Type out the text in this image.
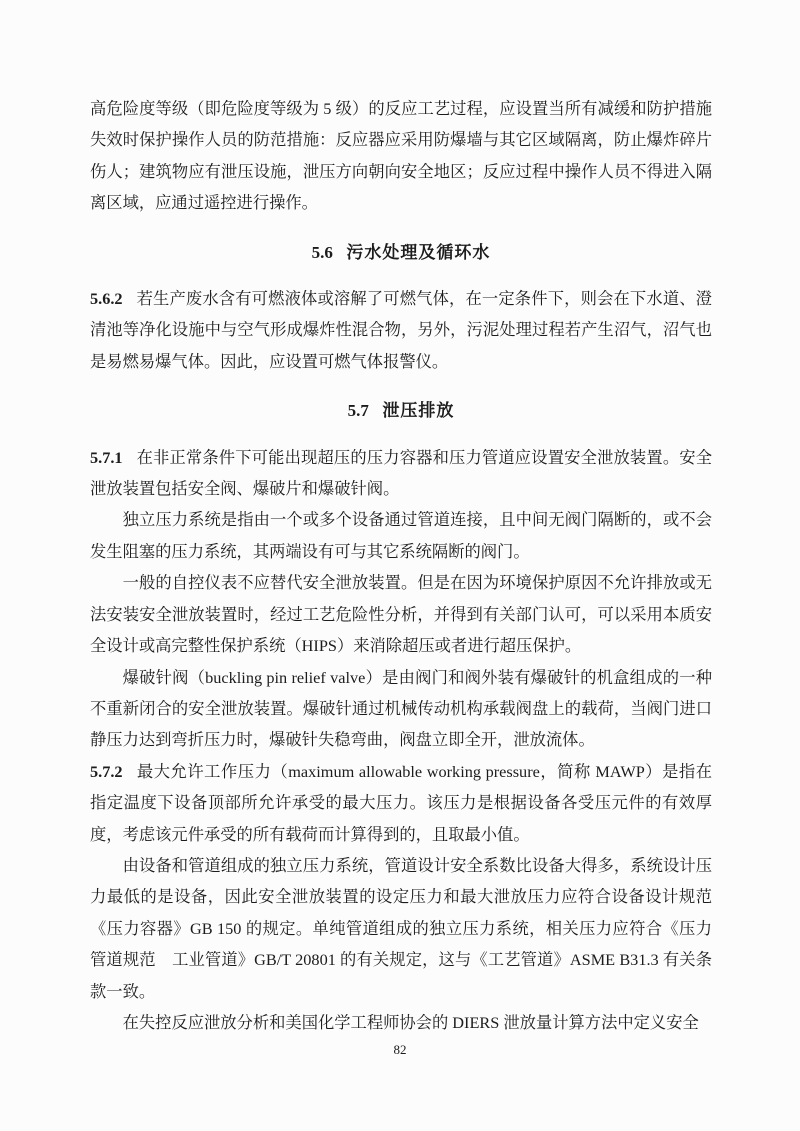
高危险度等级（即危险度等级为 5 级）的反应工艺过程，应设置当所有减缓和防护措施失效时保护操作人员的防范措施：反应器应采用防爆墙与其它区域隔离，防止爆炸碎片伤人；建筑物应有泄压设施，泄压方向朝向安全地区；反应过程中操作人员不得进入隔离区域，应通过遥控进行操作。

5.6 污水处理及循环水

5.6.2 若生产废水含有可燃液体或溶解了可燃气体，在一定条件下，则会在下水道、澄清池等净化设施中与空气形成爆炸性混合物，另外，污泥处理过程若产生沼气，沼气也是易燃易爆气体。因此，应设置可燃气体报警仪。

5.7 泄压排放

5.7.1 在非正常条件下可能出现超压的压力容器和压力管道应设置安全泄放装置。安全泄放装置包括安全阀、爆破片和爆破针阀。

独立压力系统是指由一个或多个设备通过管道连接，且中间无阀门隔断的，或不会发生阻塞的压力系统，其两端设有可与其它系统隔断的阀门。

一般的自控仪表不应替代安全泄放装置。但是在因为环境保护原因不允许排放或无法安装安全泄放装置时，经过工艺危险性分析，并得到有关部门认可，可以采用本质安全设计或高完整性保护系统（HIPS）来消除超压或者进行超压保护。

爆破针阀（buckling pin relief valve）是由阀门和阀外装有爆破针的机盒组成的一种不重新闭合的安全泄放装置。爆破针通过机械传动机构承载阀盘上的载荷，当阀门进口静压力达到弯折压力时，爆破针失稳弯曲，阀盘立即全开，泄放流体。

5.7.2 最大允许工作压力（maximum allowable working pressure，简称 MAWP）是指在指定温度下设备顶部所允许承受的最大压力。该压力是根据设备各受压元件的有效厚度，考虑该元件承受的所有载荷而计算得到的，且取最小值。

由设备和管道组成的独立压力系统，管道设计安全系数比设备大得多，系统设计压力最低的是设备，因此安全泄放装置的设定压力和最大泄放压力应符合设备设计规范《压力容器》GB 150 的规定。单纯管道组成的独立压力系统，相关压力应符合《压力管道规范　工业管道》GB/T 20801 的有关规定，这与《工艺管道》ASME B31.3 有关条款一致。

在失控反应泄放分析和美国化学工程师协会的 DIERS 泄放量计算方法中定义安全

82
